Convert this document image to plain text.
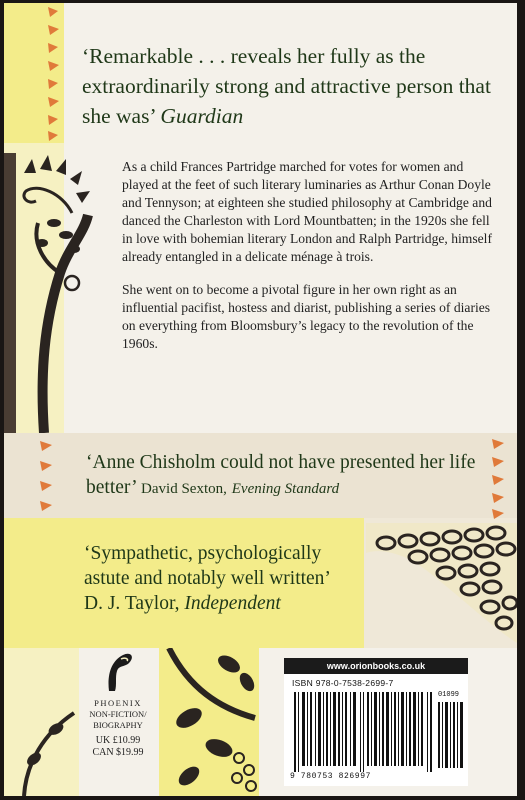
‘Remarkable . . . reveals her fully as the extraordinarily strong and attractive person that she was’ Guardian

As a child Frances Partridge marched for votes for women and played at the feet of such literary luminaries as Arthur Conan Doyle and Tennyson; at eighteen she studied philosophy at Cambridge and danced the Charleston with Lord Mountbatten; in the 1920s she fell in love with bohemian literary London and Ralph Partridge, himself already entangled in a delicate ménage à trois.

She went on to become a pivotal figure in her own right as an influential pacifist, hostess and diarist, publishing a series of diaries on everything from Bloomsbury’s legacy to the revolution of the 1960s.

‘Anne Chisholm could not have presented her life better’ David Sexton, Evening Standard
‘Sympathetic, psychologically astute and notably well written’
D. J. Taylor, Independent
PHOENIX
NON-FICTION/
BIOGRAPHY
UK £10.99
CAN $19.99
www.orionbooks.co.uk
ISBN 978-0-7538-2699-7
01099
9 780753 826997
